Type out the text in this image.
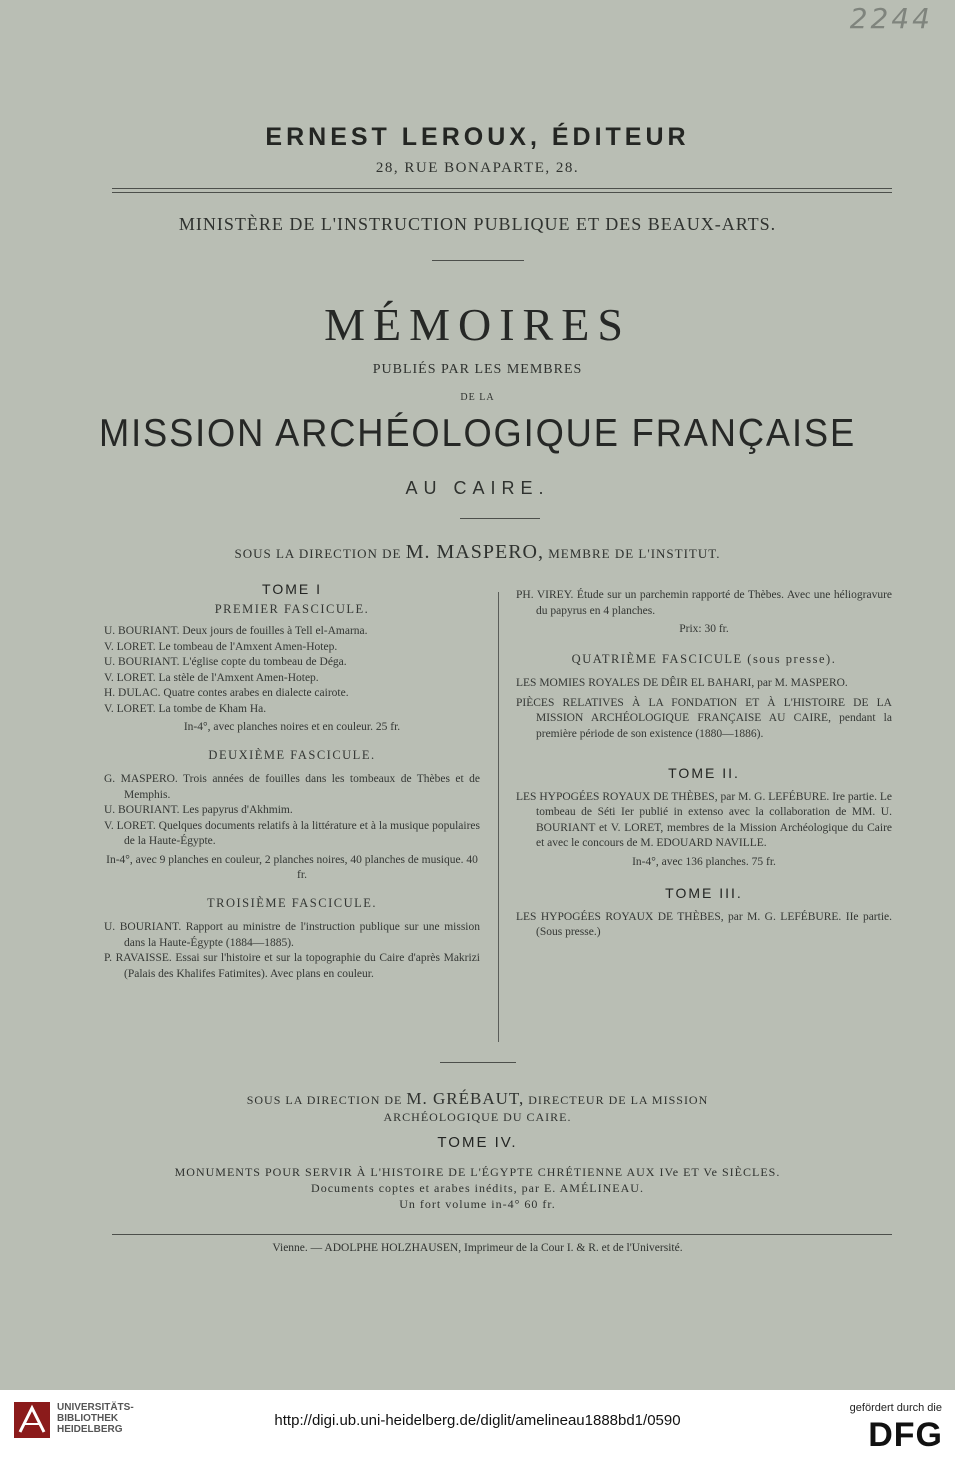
2244
ERNEST LEROUX, ÉDITEUR
28, RUE BONAPARTE, 28.
MINISTÈRE DE L'INSTRUCTION PUBLIQUE ET DES BEAUX-ARTS.
MÉMOIRES
PUBLIÉS PAR LES MEMBRES
DE LA
MISSION ARCHÉOLOGIQUE FRANÇAISE
AU CAIRE.
SOUS LA DIRECTION DE M. MASPERO, MEMBRE DE L'INSTITUT.
TOME I
PREMIER FASCICULE.

U. BOURIANT. Deux jours de fouilles à Tell el-Amarna.

V. LORET. Le tombeau de l'Amxent Amen-Hotep.

U. BOURIANT. L'église copte du tombeau de Déga.

V. LORET. La stèle de l'Amxent Amen-Hotep.

H. DULAC. Quatre contes arabes en dialecte cairote.

V. LORET. La tombe de Kham Ha.

In-4°, avec planches noires et en couleur. 25 fr.

DEUXIÈME FASCICULE.

G. MASPERO. Trois années de fouilles dans les tombeaux de Thèbes et de Memphis.

U. BOURIANT. Les papyrus d'Akhmim.

V. LORET. Quelques documents relatifs à la littérature et à la musique populaires de la Haute-Égypte.

In-4°, avec 9 planches en couleur, 2 planches noires, 40 planches de musique. 40 fr.

TROISIÈME FASCICULE.

U. BOURIANT. Rapport au ministre de l'instruction publique sur une mission dans la Haute-Égypte (1884—1885).

P. RAVAISSE. Essai sur l'histoire et sur la topographie du Caire d'après Makrizi (Palais des Khalifes Fatimites). Avec plans en couleur.

PH. VIREY. Étude sur un parchemin rapporté de Thèbes. Avec une héliogravure du papyrus en 4 planches.

Prix: 30 fr.

QUATRIÈME FASCICULE (sous presse).

LES MOMIES ROYALES DE DÊIR EL BAHARI, par M. MASPERO.

PIÈCES RELATIVES À LA FONDATION ET À L'HISTOIRE DE LA MISSION ARCHÉOLOGIQUE FRANÇAISE AU CAIRE, pendant la première période de son existence (1880—1886).

TOME II.

LES HYPOGÉES ROYAUX DE THÈBES, par M. G. LEFÉBURE. Ire partie. Le tombeau de Séti Ier publié in extenso avec la collaboration de MM. U. BOURIANT et V. LORET, membres de la Mission Archéologique du Caire et avec le concours de M. EDOUARD NAVILLE.

In-4°, avec 136 planches. 75 fr.

TOME III.

LES HYPOGÉES ROYAUX DE THÈBES, par M. G. LEFÉBURE. IIe partie. (Sous presse.)

SOUS LA DIRECTION DE M. GRÉBAUT, DIRECTEUR DE LA MISSION
ARCHÉOLOGIQUE DU CAIRE.
TOME IV.
MONUMENTS POUR SERVIR À L'HISTOIRE DE L'ÉGYPTE CHRÉTIENNE AUX IVe ET Ve SIÈCLES.
Documents coptes et arabes inédits, par E. AMÉLINEAU.
Un fort volume in-4° 60 fr.
Vienne. — ADOLPHE HOLZHAUSEN, Imprimeur de la Cour I. & R. et de l'Université.
UNIVERSITÄTS-
BIBLIOTHEK
HEIDELBERG
http://digi.ub.uni-heidelberg.de/diglit/amelineau1888bd1/0590
gefördert durch die
DFG
